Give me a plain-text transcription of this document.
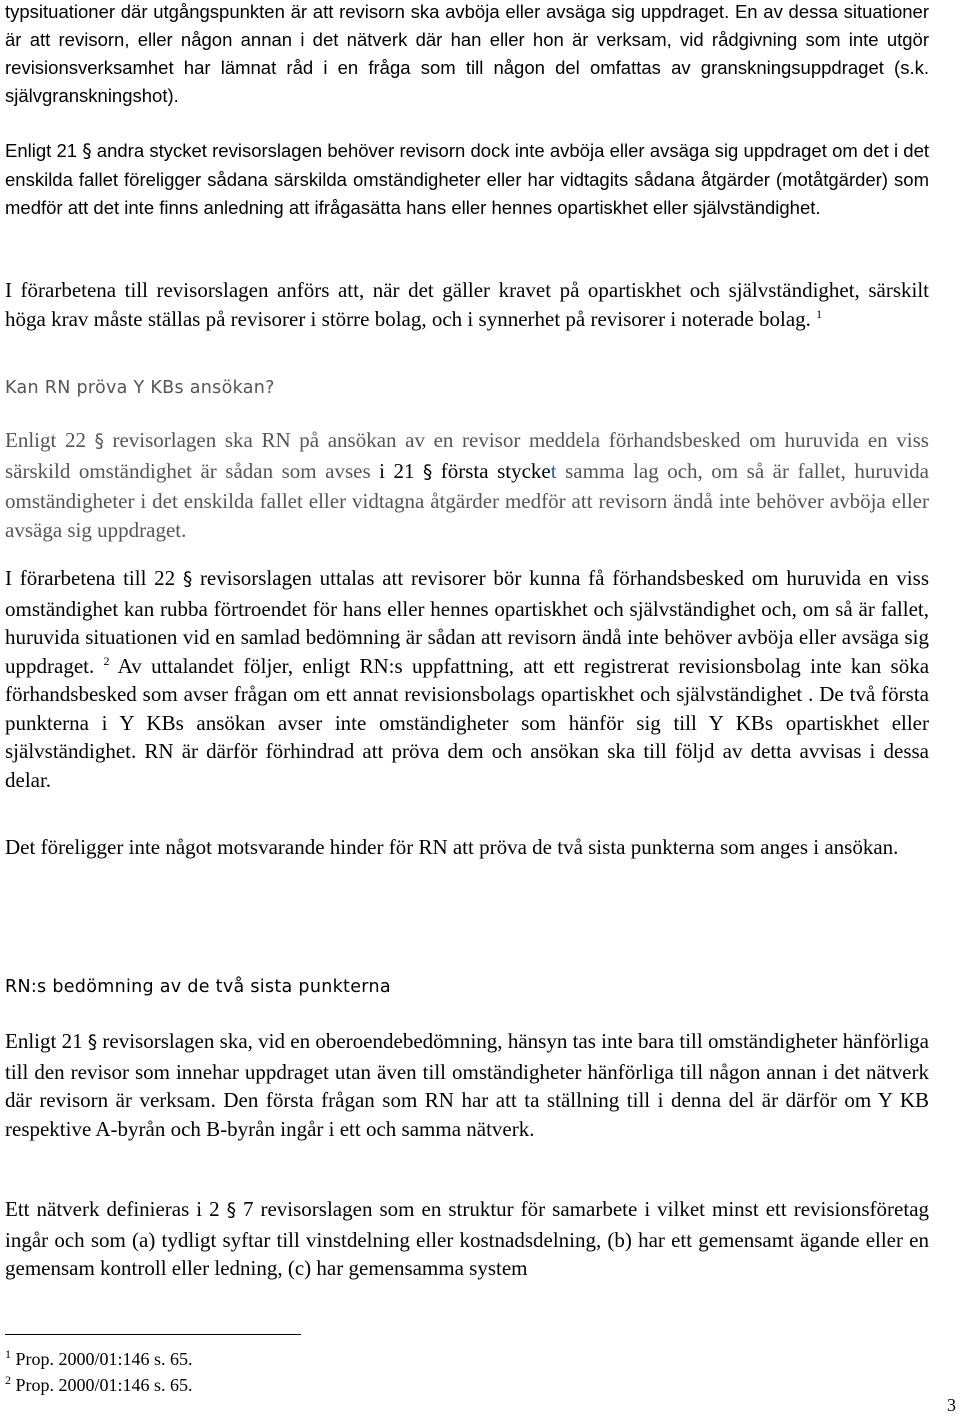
typsituationer där utgångspunkten är att revisorn ska avböja eller avsäga sig uppdraget. En av dessa situationer är att revisorn, eller någon annan i det nätverk där han eller hon är verksam, vid rådgivning som inte utgör revisionsverksamhet har lämnat råd i en fråga som till någon del omfattas av granskningsuppdraget (s.k. självgranskningshot).

Enligt 21 § andra stycket revisorslagen behöver revisorn dock inte avböja eller avsäga sig uppdraget om det i det enskilda fallet föreligger sådana särskilda omständigheter eller har vidtagits sådana åtgärder (motåtgärder) som medför att det inte finns anledning att ifrågasätta hans eller hennes opartiskhet eller självständighet.

I förarbetena till revisorslagen anförs att, när det gäller kravet på opartiskhet och självständighet, särskilt höga krav måste ställas på revisorer i större bolag, och i synnerhet på revisorer i noterade bolag. $^1$

Kan RN pröva Y KBs ansökan?

Enligt 22 § revisorlagen ska RN på ansökan av en revisor meddela förhandsbesked om huruvida en viss särskild omständighet är sådan som avses i 21 § första stycket samma lag och, om så är fallet, huruvida omständigheter i det enskilda fallet eller vidtagna åtgärder medför att revisorn ändå inte behöver avböja eller avsäga sig uppdraget.

I förarbetena till 22 § revisorslagen uttalas att revisorer bör kunna få förhandsbesked om huruvida en viss omständighet kan rubba förtroendet för hans eller hennes opartiskhet och självständighet och, om så är fallet, huruvida situationen vid en samlad bedömning är sådan att revisorn ändå inte behöver avböja eller avsäga sig uppdraget. $^2$ Av uttalandet följer, enligt RN:s uppfattning, att ett registrerat revisionsbolag inte kan söka förhandsbesked som avser frågan om ett annat revisionsbolags opartiskhet och självständighet . De två första punkterna i Y KBs ansökan avser inte omständigheter som hänför sig till Y KBs opartiskhet eller självständighet. RN är därför förhindrad att pröva dem och ansökan ska till följd av detta avvisas i dessa delar.

Det föreligger inte något motsvarande hinder för RN att pröva de två sista punkterna som anges i ansökan.

RN:s bedömning av de två sista punkterna

Enligt 21 § revisorslagen ska, vid en oberoendebedömning, hänsyn tas inte bara till omständigheter hänförliga till den revisor som innehar uppdraget utan även till omständigheter hänförliga till någon annan i det nätverk där revisorn är verksam. Den första frågan som RN har att ta ställning till i denna del är därför om Y KB respektive A-byrån och B-byrån ingår i ett och samma nätverk.

Ett nätverk definieras i 2 § 7 revisorslagen som en struktur för samarbete i vilket minst ett revisionsföretag ingår och som (a) tydligt syftar till vinstdelning eller kostnadsdelning, (b) har ett gemensamt ägande eller en gemensam kontroll eller ledning, (c) har gemensamma system

$^1$ Prop. 2000/01:146 s. 65.
$^2$ Prop. 2000/01:146 s. 65.
3
